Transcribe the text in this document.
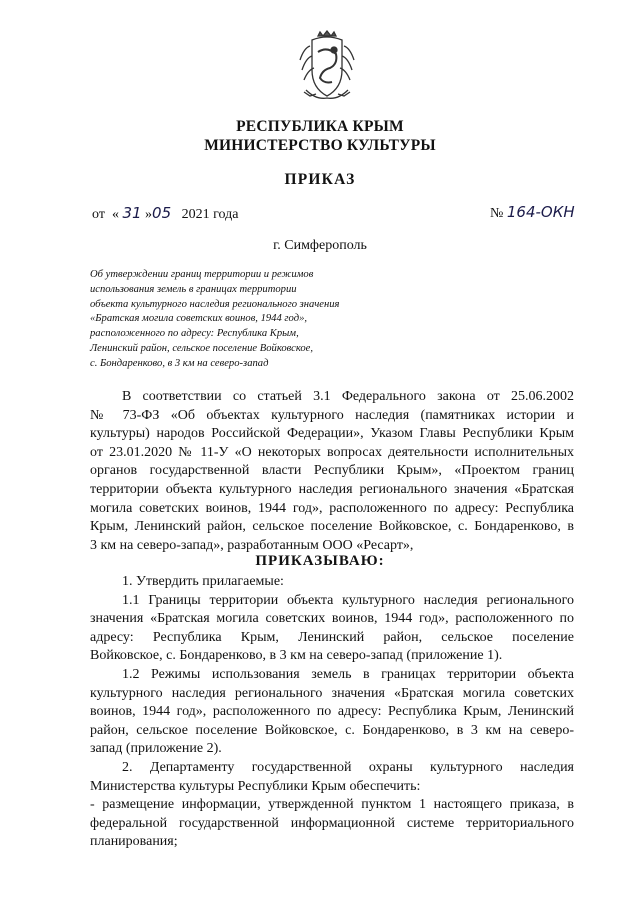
РЕСПУБЛИКА КРЫМ
МИНИСТЕРСТВО КУЛЬТУРЫ
ПРИКАЗ
от « 31 »05 2021 года	№ 164-ОКН
г. Симферополь
Об утверждении границ территории и режимов
использования земель в границах территории
объекта культурного наследия регионального значения
«Братская могила советских воинов, 1944 год»,
расположенного по адресу: Республика Крым,
Ленинский район, сельское поселение Войковское,
с. Бондаренково, в 3 км на северо-запад
В соответствии со статьей 3.1 Федерального закона от 25.06.2002
№ 73-ФЗ «Об объектах культурного наследия (памятниках истории и
культуры) народов Российской Федерации», Указом Главы Республики Крым
от 23.01.2020 № 11-У «О некоторых вопросах деятельности исполнительных
органов государственной власти Республики Крым», «Проектом границ
территории объекта культурного наследия регионального значения «Братская
могила советских воинов, 1944 год», расположенного по адресу: Республика
Крым, Ленинский район, сельское поселение Войковское, с. Бондаренково, в
3 км на северо-запад», разработанным ООО «Ресарт»,
ПРИКАЗЫВАЮ:
1. Утвердить прилагаемые:
1.1 Границы территории объекта культурного наследия регионального
значения «Братская могила советских воинов, 1944 год», расположенного по
адресу: Республика Крым, Ленинский район, сельское поселение
Войковское, с. Бондаренково, в 3 км на северо-запад (приложение 1).
1.2 Режимы использования земель в границах территории объекта
культурного наследия регионального значения «Братская могила советских
воинов, 1944 год», расположенного по адресу: Республика Крым, Ленинский
район, сельское поселение Войковское, с. Бондаренково, в 3 км на северо-
запад (приложение 2).
2. Департаменту государственной охраны культурного наследия
Министерства культуры Республики Крым обеспечить:
- размещение информации, утвержденной пунктом 1 настоящего приказа, в
федеральной государственной информационной системе территориального
планирования;
